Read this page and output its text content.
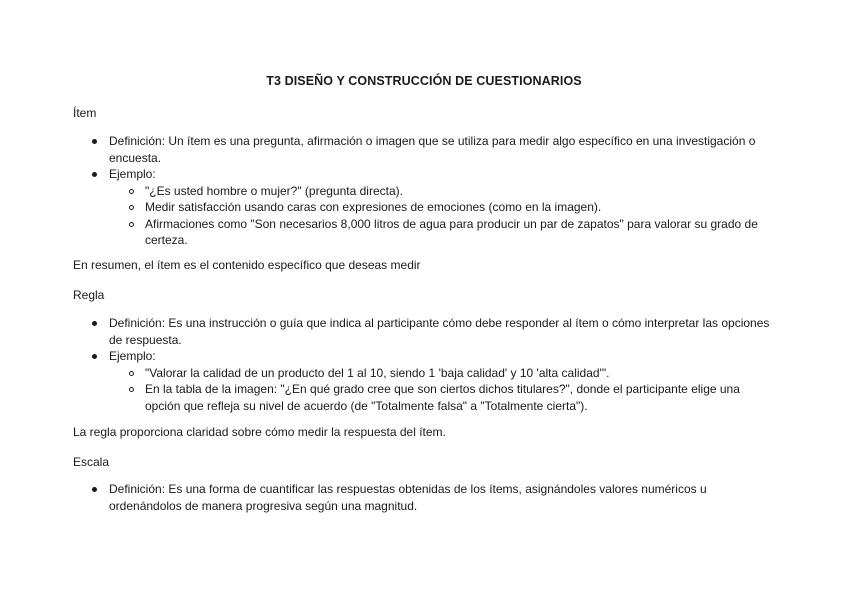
T3 DISEÑO Y CONSTRUCCIÓN DE CUESTIONARIOS

Ítem

Definición: Un ítem es una pregunta, afirmación o imagen que se utiliza para medir algo específico en una investigación o encuesta.
Ejemplo:
"¿Es usted hombre o mujer?" (pregunta directa).
Medir satisfacción usando caras con expresiones de emociones (como en la imagen).
Afirmaciones como "Son necesarios 8,000 litros de agua para producir un par de zapatos" para valorar su grado de certeza.

En resumen, el ítem es el contenido específico que deseas medir

Regla

Definición: Es una instrucción o guía que indica al participante cómo debe responder al ítem o cómo interpretar las opciones de respuesta.
Ejemplo:
"Valorar la calidad de un producto del 1 al 10, siendo 1 'baja calidad' y 10 'alta calidad'".
En la tabla de la imagen: "¿En qué grado cree que son ciertos dichos titulares?", donde el participante elige una opción que refleja su nivel de acuerdo (de "Totalmente falsa" a "Totalmente cierta").

La regla proporciona claridad sobre cómo medir la respuesta del ítem.

Escala

Definición: Es una forma de cuantificar las respuestas obtenidas de los ítems, asignándoles valores numéricos u ordenándolos de manera progresiva según una magnitud.
